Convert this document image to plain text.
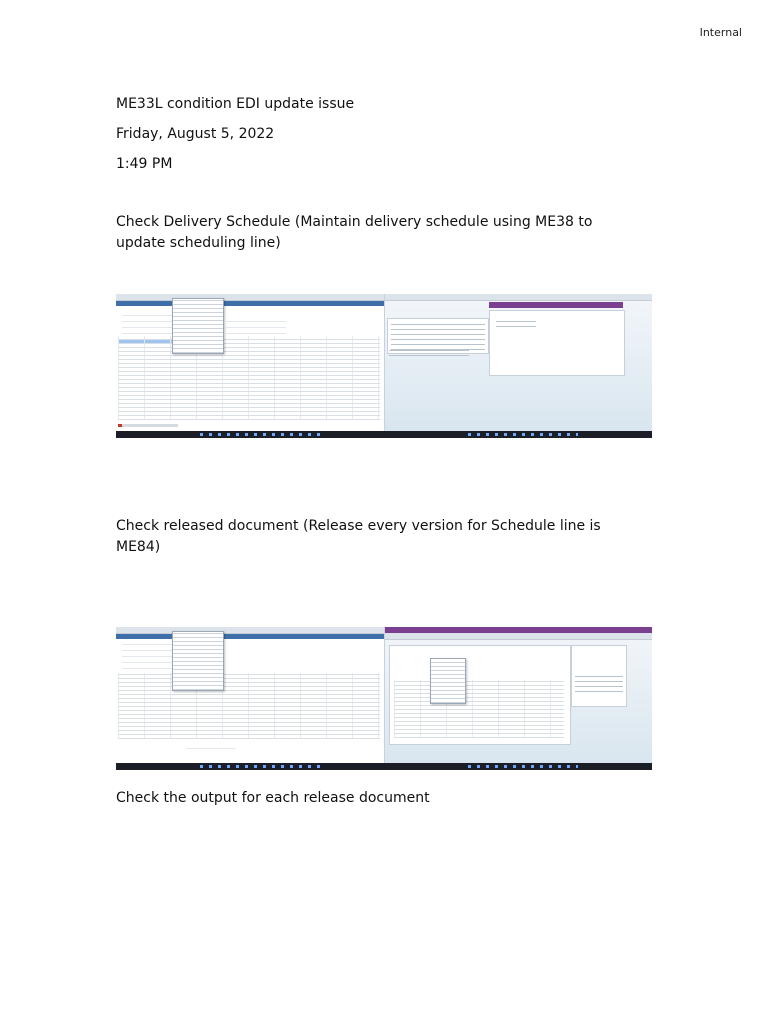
Internal

ME33L condition EDI update issue

Friday, August 5, 2022

1:49 PM

Check Delivery Schedule (Maintain delivery schedule using ME38 to update scheduling line)

Check released document (Release every version for Schedule line is ME84)

Check the output for each release document
